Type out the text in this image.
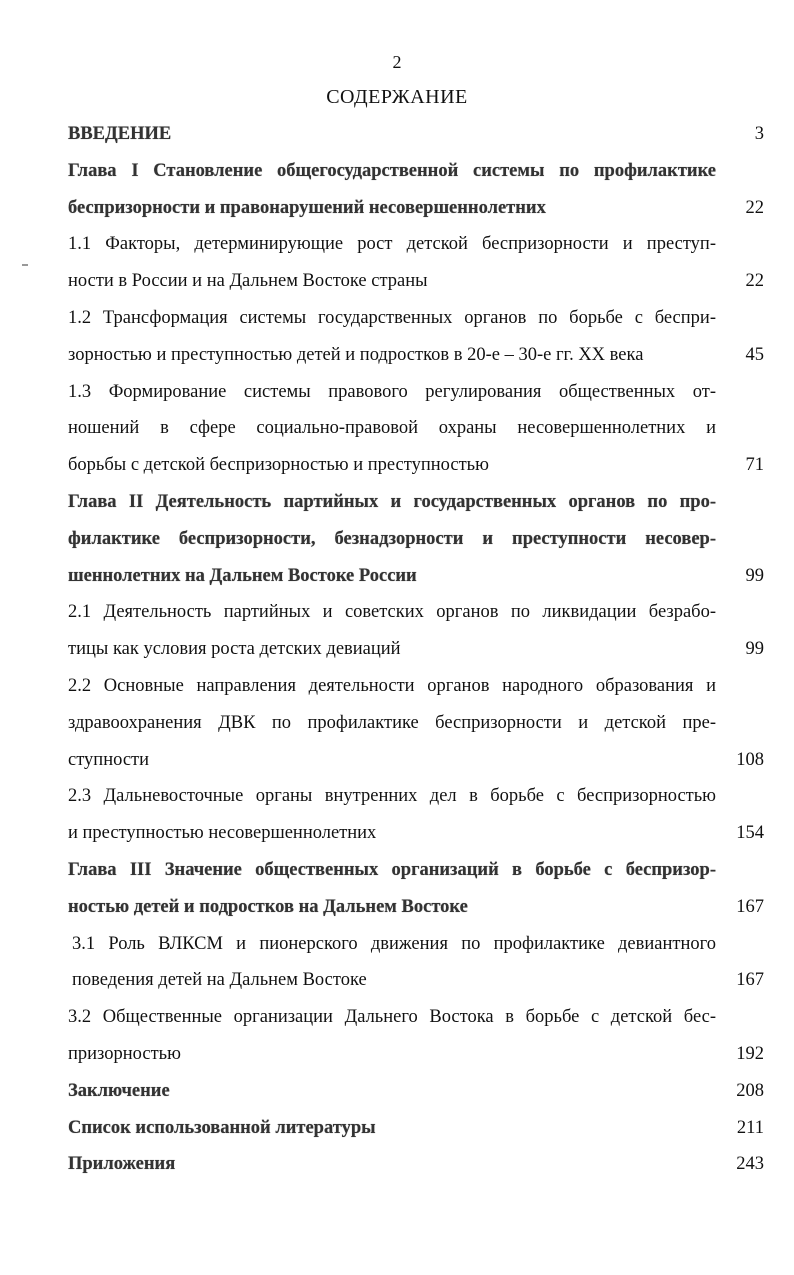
2
СОДЕРЖАНИЕ
ВВЕДЕНИЕ	3
Глава I Становление общегосударственной системы по профилактике
беспризорности и правонарушений несовершеннолетних	22
1.1 Факторы, детерминирующие рост детской беспризорности и преступ-
ности в России и на Дальнем Востоке страны	22
1.2 Трансформация системы государственных органов по борьбе с беспри-
зорностью и преступностью детей и подростков в 20-е – 30-е гг. XX века	45
1.3 Формирование системы правового регулирования общественных от-
ношений в сфере социально-правовой охраны несовершеннолетних и
борьбы с детской беспризорностью и преступностью	71
Глава II Деятельность партийных и государственных органов по про-
филактике беспризорности, безнадзорности и преступности несовер-
шеннолетних на Дальнем Востоке России	99
2.1 Деятельность партийных и советских органов по ликвидации безрабо-
тицы как условия роста детских девиаций	99
2.2 Основные направления деятельности органов народного образования и
здравоохранения ДВК по профилактике беспризорности и детской пре-
ступности	108
2.3 Дальневосточные органы внутренних дел в борьбе с беспризорностью
и преступностью несовершеннолетних	154
Глава III Значение общественных организаций в борьбе с беспризор-
ностью детей и подростков на Дальнем Востоке	167
3.1 Роль ВЛКСМ и пионерского движения по профилактике девиантного
поведения детей на Дальнем Востоке	167
3.2 Общественные организации Дальнего Востока в борьбе с детской бес-
призорностью	192
Заключение	208
Список использованной литературы	211
Приложения	243
